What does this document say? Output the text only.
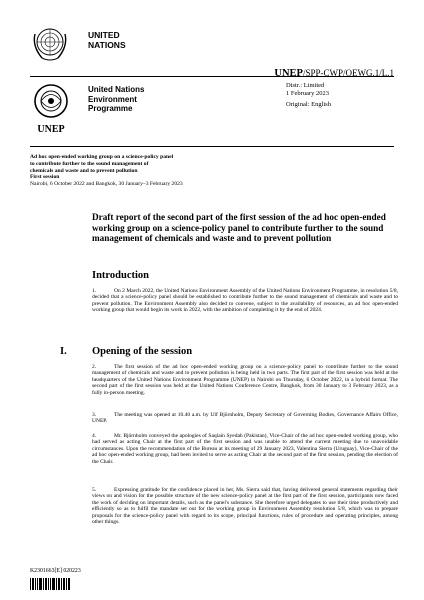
UNITED
NATIONS
UNEP/SPP-CWP/OEWG.1/L.1
UNEP
United Nations
Environment
Programme
Distr.: Limited
1 February 2023
Original: English
Ad hoc open-ended working group on a science-policy panel
to contribute further to the sound management of
chemicals and waste and to prevent pollution
First session
Nairobi, 6 October 2022 and Bangkok, 30 January–3 February 2023
Draft report of the second part of the first session of the ad hoc open-ended working group on a science-policy panel to contribute further to the sound management of chemicals and waste and to prevent pollution
Introduction
1.	On 2 March 2022, the United Nations Environment Assembly of the United Nations Environment Programme, in resolution 5/8, decided that a science-policy panel should be established to contribute further to the sound management of chemicals and waste and to prevent pollution. The Environment Assembly also decided to convene, subject to the availability of resources, an ad hoc open-ended working group that would begin its work in 2022, with the ambition of completing it by the end of 2024.
I. Opening of the session
2.	The first session of the ad hoc open-ended working group on a science-policy panel to contribute further to the sound management of chemicals and waste and to prevent pollution is being held in two parts. The first part of the first session was held at the headquarters of the United Nations Environment Programme (UNEP) in Nairobi on Thursday, 6 October 2022, in a hybrid format. The second part of the first session was held at the United Nations Conference Centre, Bangkok, from 30 January to 3 February 2023, as a fully in-person meeting.
3.	The meeting was opened at 10.40 a.m. by Ulf Björnholm, Deputy Secretary of Governing Bodies, Governance Affairs Office, UNEP.
4.	Mr. Björnholm conveyed the apologies of Saqlain Syedah (Pakistan), Vice-Chair of the ad hoc open-ended working group, who had served as acting Chair at the first part of the first session and was unable to attend the current meeting due to unavoidable circumstances. Upon the recommendation of the Bureau at its meeting of 29 January 2023, Valentina Sierra (Uruguay), Vice-Chair of the ad hoc open-ended working group, had been invited to serve as acting Chair at the second part of the first session, pending the election of the Chair.
5.	Expressing gratitude for the confidence placed in her, Ms. Sierra said that, having delivered general statements regarding their views on and vision for the possible structure of the new science-policy panel at the first part of the first session, participants now faced the work of deciding on important details, such as the panel's substance. She therefore urged delegates to use their time productively and efficiently so as to fulfil the mandate set out for the working group in Environment Assembly resolution 5/8, which was to prepare proposals for the science-policy panel with regard to its scope, principal functions, rules of procedure and operating principles, among other things.
K2301663[E] 020223
